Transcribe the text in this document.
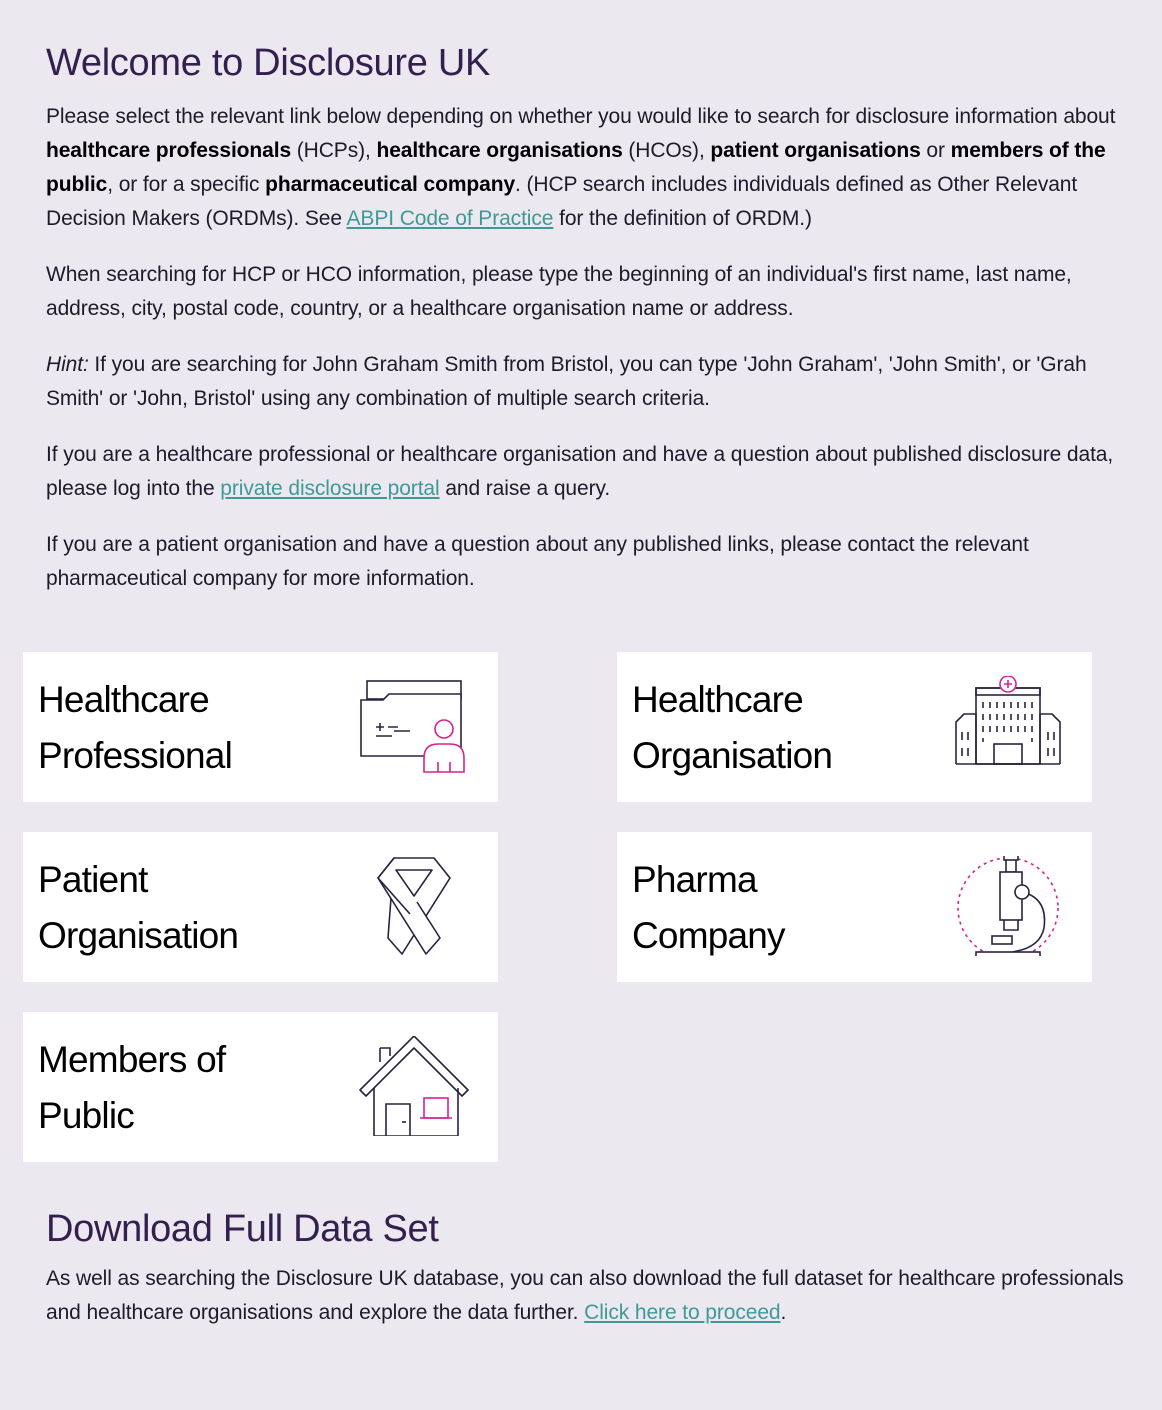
Welcome to Disclosure UK

Please select the relevant link below depending on whether you would like to search for disclosure information about healthcare professionals (HCPs), healthcare organisations (HCOs), patient organisations or members of the public, or for a specific pharmaceutical company. (HCP search includes individuals defined as Other Relevant Decision Makers (ORDMs). See ABPI Code of Practice for the definition of ORDM.)

When searching for HCP or HCO information, please type the beginning of an individual's first name, last name, address, city, postal code, country, or a healthcare organisation name or address.

Hint: If you are searching for John Graham Smith from Bristol, you can type 'John Graham', 'John Smith', or 'Grah Smith' or 'John, Bristol' using any combination of multiple search criteria.

If you are a healthcare professional or healthcare organisation and have a question about published disclosure data, please log into the private disclosure portal and raise a query.

If you are a patient organisation and have a question about any published links, please contact the relevant pharmaceutical company for more information.

Healthcare
Professional
Healthcare
Organisation
Patient
Organisation
Pharma
Company
Members of
Public
Download Full Data Set

As well as searching the Disclosure UK database, you can also download the full dataset for healthcare professionals and healthcare organisations and explore the data further. Click here to proceed.
